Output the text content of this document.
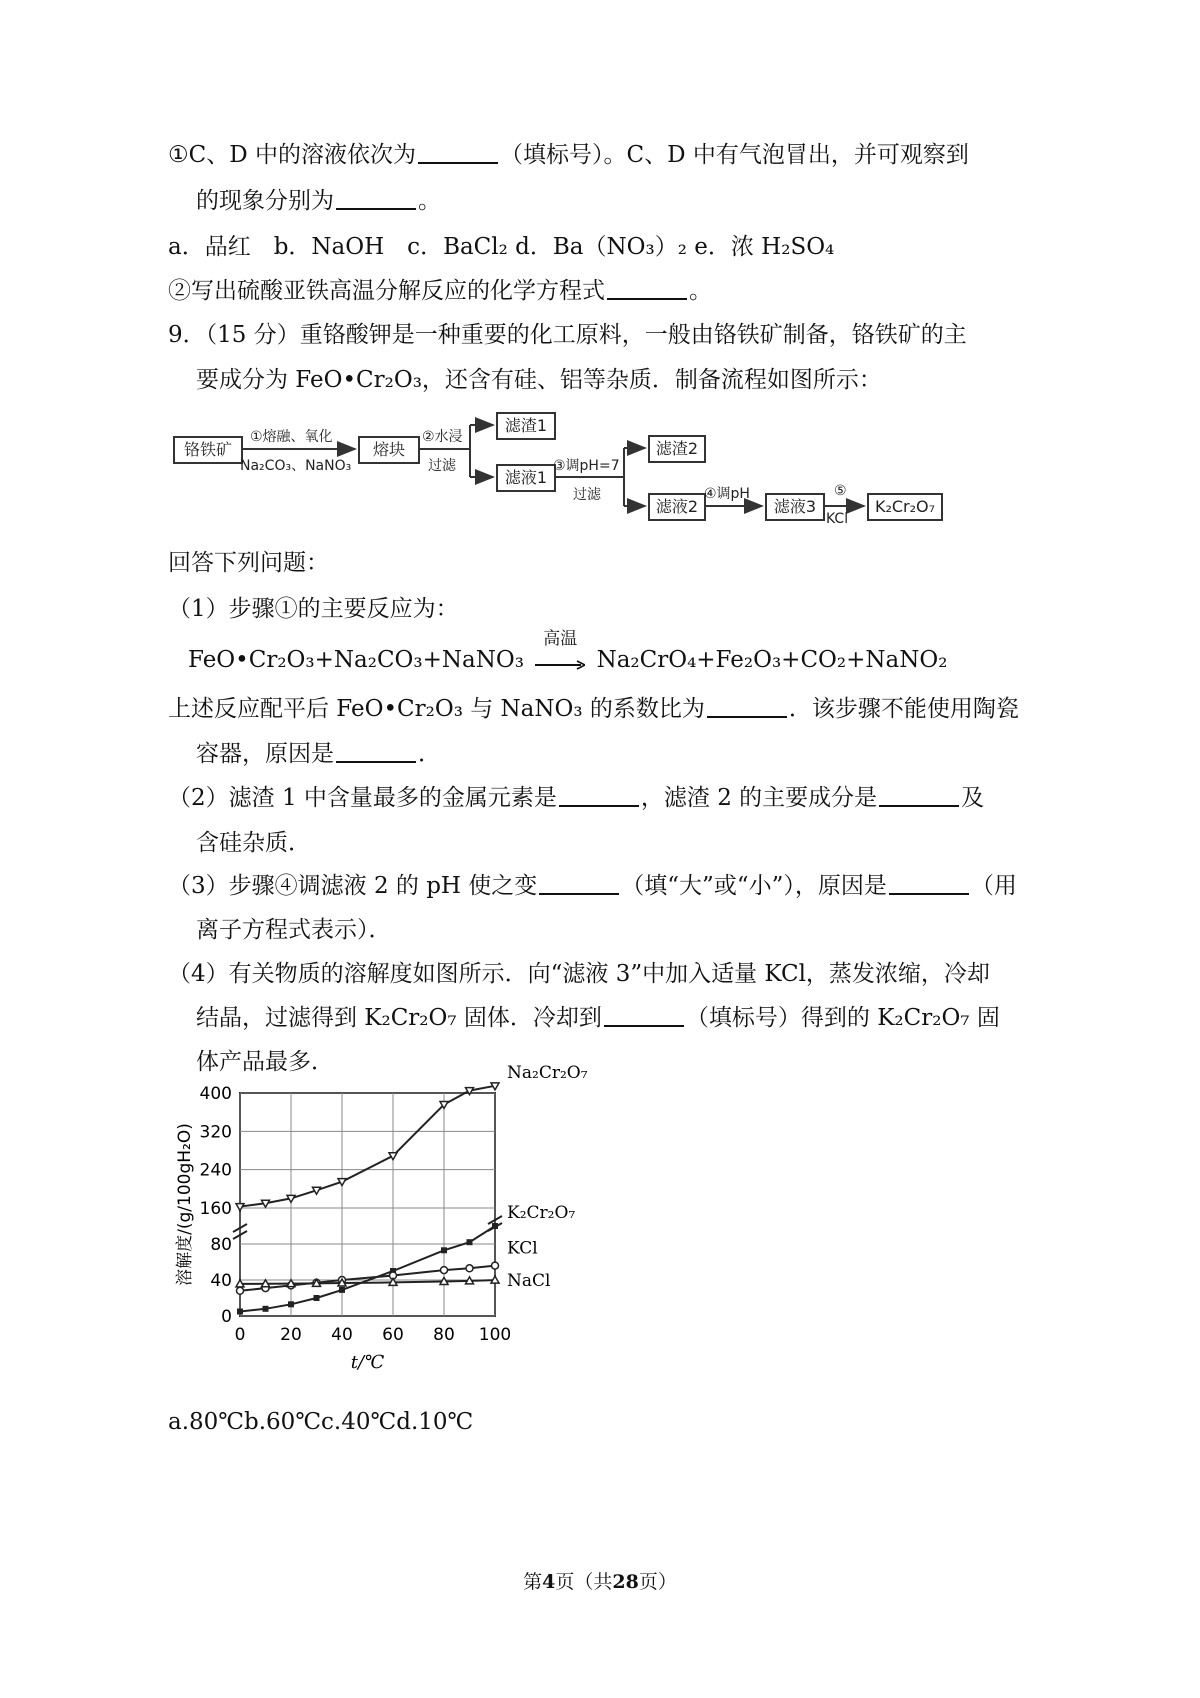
①C、D 中的溶液依次为	（填标号）。C、D 中有气泡冒出，并可观察到
的现象分别为	。
a．品红　b．NaOH　c．BaCl₂ d．Ba（NO₃）₂ e．浓 H₂SO₄
②写出硫酸亚铁高温分解反应的化学方程式	。
9．（15 分）重铬酸钾是一种重要的化工原料，一般由铬铁矿制备，铬铁矿的主
要成分为 FeO•Cr₂O₃，还含有硅、铝等杂质．制备流程如图所示：
铬铁矿
①熔融、氧化
Na₂CO₃、NaNO₃
熔块
②水浸
过滤
滤渣1
滤液1
③调pH=7
过滤
滤渣2
滤液2
④调pH
滤液3
⑤
KCl
K₂Cr₂O₇
回答下列问题：
（1）步骤①的主要反应为：
FeO•Cr₂O₃+Na₂CO₃+NaNO₃
高温
Na₂CrO₄+Fe₂O₃+CO₂+NaNO₂
上述反应配平后 FeO•Cr₂O₃ 与 NaNO₃ 的系数比为	．该步骤不能使用陶瓷
容器，原因是	．
（2）滤渣 1 中含量最多的金属元素是	，滤渣 2 的主要成分是	及
含硅杂质．
（3）步骤④调滤液 2 的 pH 使之变	（填“大”或“小”），原因是	（用
离子方程式表示）．
（4）有关物质的溶解度如图所示．向“滤液 3”中加入适量 KCl，蒸发浓缩，冷却
结晶，过滤得到 K₂Cr₂O₇ 固体．冷却到	（填标号）得到的 K₂Cr₂O₇ 固
体产品最多．
0 20 40 60 80 100
0
40
80
160
240
320
400
t/℃
溶解度/(g/100gH₂O)
Na₂Cr₂O₇
K₂Cr₂O₇
KCl
NaCl
a.80℃b.60℃c.40℃d.10℃
第4页（共28页）
